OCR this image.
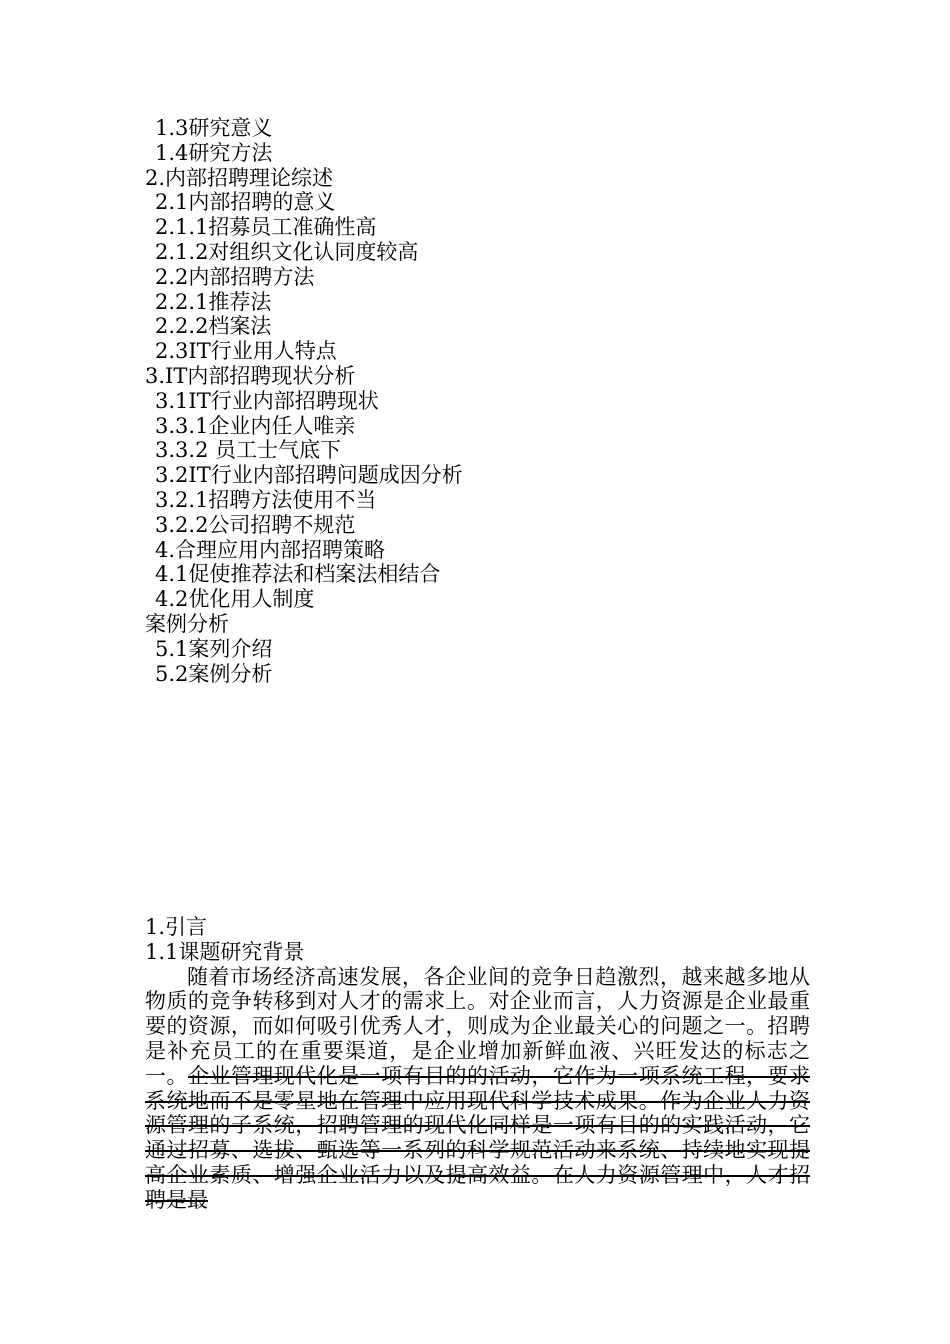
1.3研究意义
1.4研究方法
2.内部招聘理论综述
2.1内部招聘的意义
2.1.1招募员工准确性高
2.1.2对组织文化认同度较高
2.2内部招聘方法
2.2.1推荐法
2.2.2档案法
2.3IT行业用人特点
3.IT内部招聘现状分析
3.1IT行业内部招聘现状
3.3.1企业内任人唯亲
3.3.2 员工士气底下
3.2IT行业内部招聘问题成因分析
3.2.1招聘方法使用不当
3.2.2公司招聘不规范
4.合理应用内部招聘策略
4.1促使推荐法和档案法相结合
4.2优化用人制度
案例分析
5.1案列介绍
5.2案例分析
1.引言
1.1课题研究背景

随着市场经济高速发展，各企业间的竞争日趋激烈，越来越多地从物质的竞争转移到对人才的需求上。对企业而言，人力资源是企业最重要的资源，而如何吸引优秀人才，则成为企业最关心的问题之一。招聘是补充员工的在重要渠道，是企业增加新鲜血液、兴旺发达的标志之一。企业管理现代化是一项有目的的活动，它作为一项系统工程，要求系统地而不是零星地在管理中应用现代科学技术成果。作为企业人力资源管理的子系统，招聘管理的现代化同样是一项有目的的实践活动，它通过招募、选拔、甄选等一系列的科学规范活动来系统、持续地实现提高企业素质、增强企业活力以及提高效益。在人力资源管理中，人才招聘是最
